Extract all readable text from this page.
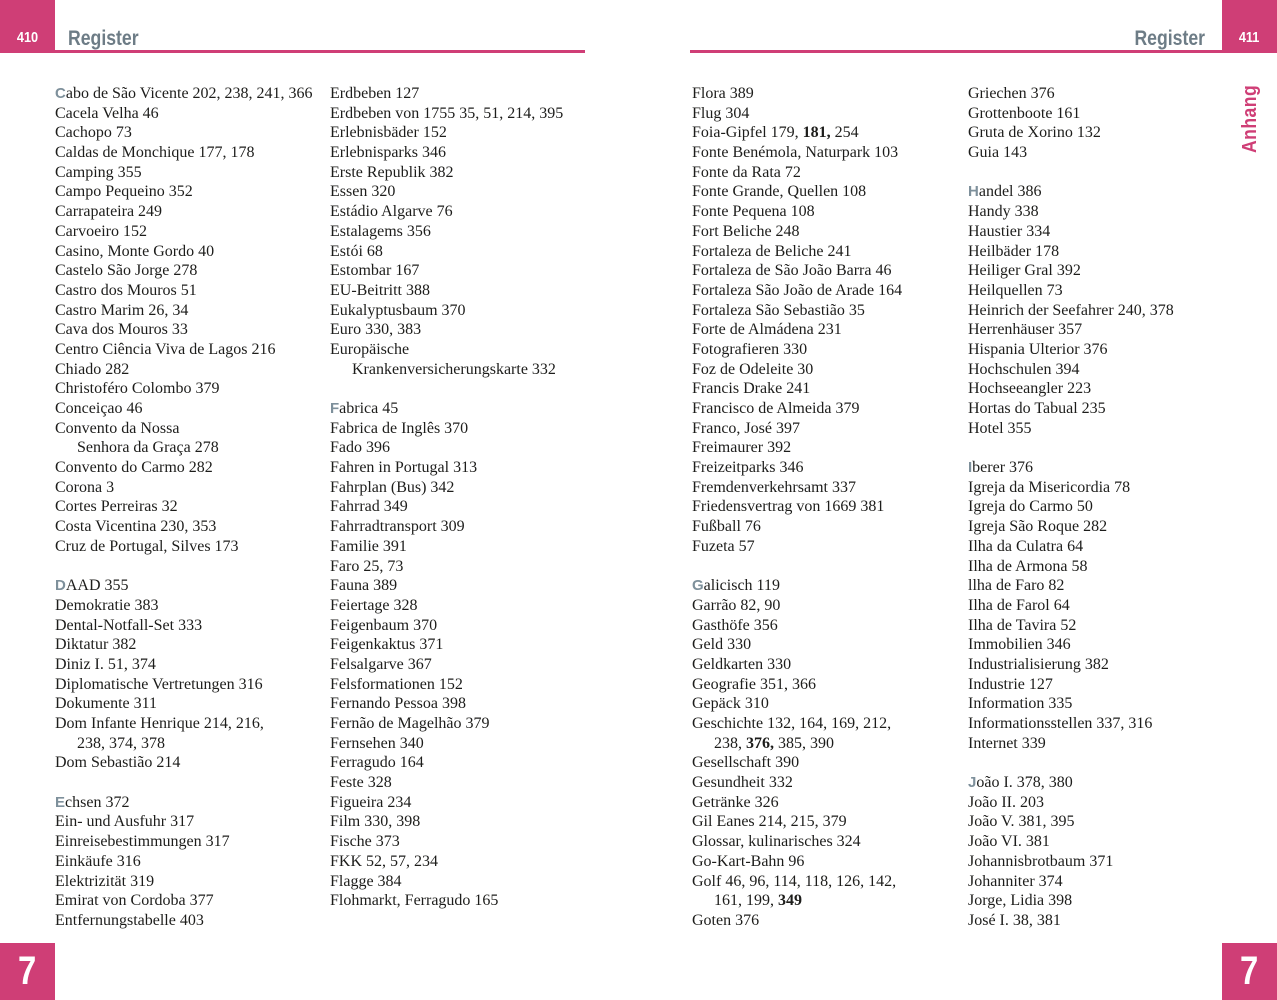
410 Register	Register 411
Anhang
Cabo de São Vicente 202, 238, 241, 366
Cacela Velha 46
Cachopo 73
Caldas de Monchique 177, 178
Camping 355
Campo Pequeino 352
Carrapateira 249
Carvoeiro 152
Casino, Monte Gordo 40
Castelo São Jorge 278
Castro dos Mouros 51
Castro Marim 26, 34
Cava dos Mouros 33
Centro Ciência Viva de Lagos 216
Chiado 282
Christoféro Colombo 379
Conceiçao 46
Convento da Nossa
Senhora da Graça 278
Convento do Carmo 282
Corona 3
Cortes Perreiras 32
Costa Vicentina 230, 353
Cruz de Portugal, Silves 173
DAAD 355
Demokratie 383
Dental-Notfall-Set 333
Diktatur 382
Diniz I. 51, 374
Diplomatische Vertretungen 316
Dokumente 311
Dom Infante Henrique 214, 216,
238, 374, 378
Dom Sebastião 214
Echsen 372
Ein- und Ausfuhr 317
Einreisebestimmungen 317
Einkäufe 316
Elektrizität 319
Emirat von Cordoba 377
Entfernungstabelle 403
Erdbeben 127
Erdbeben von 1755 35, 51, 214, 395
Erlebnisbäder 152
Erlebnisparks 346
Erste Republik 382
Essen 320
Estádio Algarve 76
Estalagems 356
Estói 68
Estombar 167
EU-Beitritt 388
Eukalyptusbaum 370
Euro 330, 383
Europäische
Krankenversicherungskarte 332
Fabrica 45
Fabrica de Inglês 370
Fado 396
Fahren in Portugal 313
Fahrplan (Bus) 342
Fahrrad 349
Fahrradtransport 309
Familie 391
Faro 25, 73
Fauna 389
Feiertage 328
Feigenbaum 370
Feigenkaktus 371
Felsalgarve 367
Felsformationen 152
Fernando Pessoa 398
Fernão de Magelhão 379
Fernsehen 340
Ferragudo 164
Feste 328
Figueira 234
Film 330, 398
Fische 373
FKK 52, 57, 234
Flagge 384
Flohmarkt, Ferragudo 165
Flora 389
Flug 304
Foia-Gipfel 179, 181, 254
Fonte Benémola, Naturpark 103
Fonte da Rata 72
Fonte Grande, Quellen 108
Fonte Pequena 108
Fort Beliche 248
Fortaleza de Beliche 241
Fortaleza de São João Barra 46
Fortaleza São João de Arade 164
Fortaleza São Sebastião 35
Forte de Almádena 231
Fotografieren 330
Foz de Odeleite 30
Francis Drake 241
Francisco de Almeida 379
Franco, José 397
Freimaurer 392
Freizeitparks 346
Fremdenverkehrsamt 337
Friedensvertrag von 1669 381
Fußball 76
Fuzeta 57
Galicisch 119
Garrão 82, 90
Gasthöfe 356
Geld 330
Geldkarten 330
Geografie 351, 366
Gepäck 310
Geschichte 132, 164, 169, 212,
238, 376, 385, 390
Gesellschaft 390
Gesundheit 332
Getränke 326
Gil Eanes 214, 215, 379
Glossar, kulinarisches 324
Go-Kart-Bahn 96
Golf 46, 96, 114, 118, 126, 142,
161, 199, 349
Goten 376
Griechen 376
Grottenboote 161
Gruta de Xorino 132
Guia 143
Handel 386
Handy 338
Haustier 334
Heilbäder 178
Heiliger Gral 392
Heilquellen 73
Heinrich der Seefahrer 240, 378
Herrenhäuser 357
Hispania Ulterior 376
Hochschulen 394
Hochseeangler 223
Hortas do Tabual 235
Hotel 355
Iberer 376
Igreja da Misericordia 78
Igreja do Carmo 50
Igreja São Roque 282
Ilha da Culatra 64
Ilha de Armona 58
llha de Faro 82
Ilha de Farol 64
Ilha de Tavira 52
Immobilien 346
Industrialisierung 382
Industrie 127
Information 335
Informationsstellen 337, 316
Internet 339
João I. 378, 380
João II. 203
João V. 381, 395
João VI. 381
Johannisbrotbaum 371
Johanniter 374
Jorge, Lidia 398
José I. 38, 381
7	7
